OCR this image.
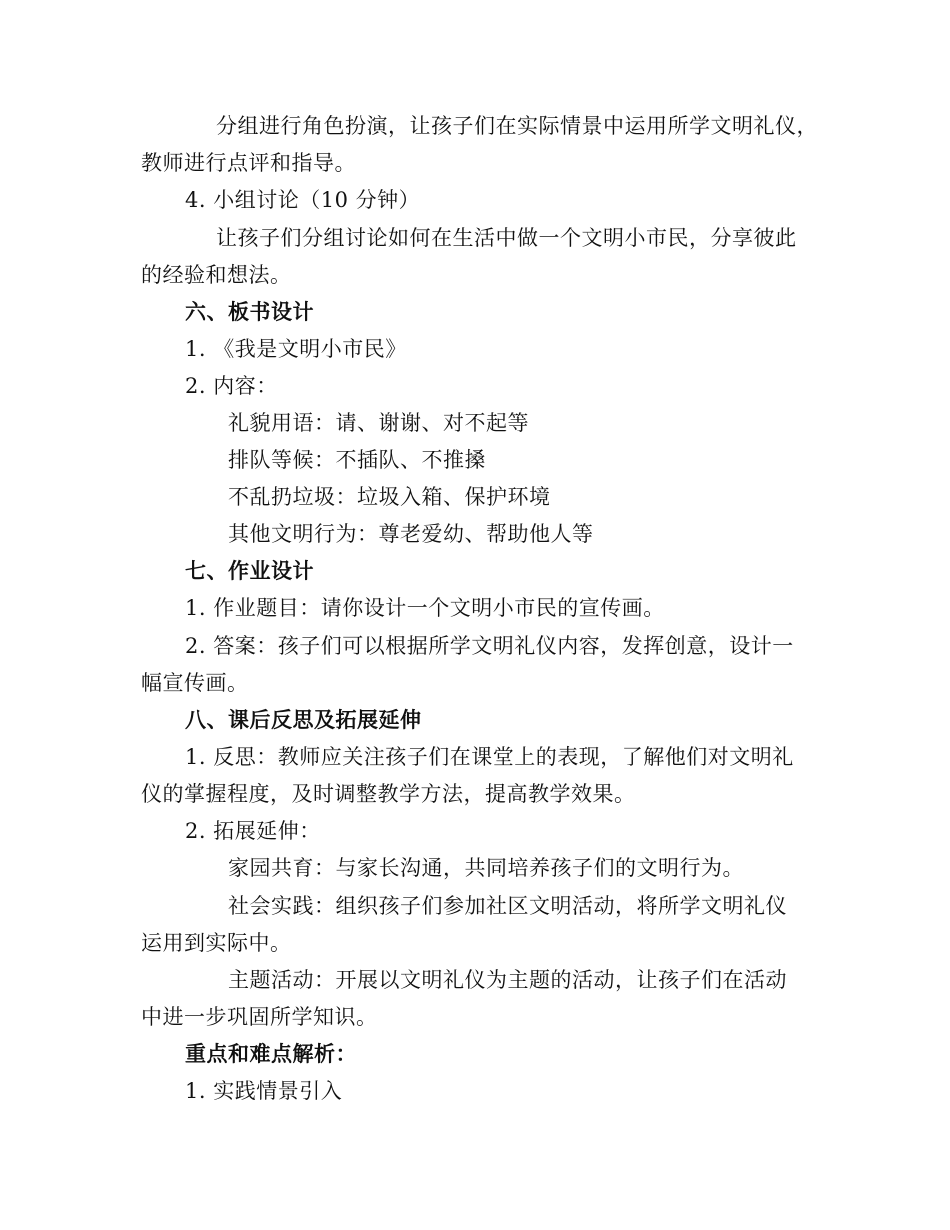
分组进行角色扮演，让孩子们在实际情景中运用所学文明礼仪，
教师进行点评和指导。
4. 小组讨论（10 分钟）
让孩子们分组讨论如何在生活中做一个文明小市民，分享彼此
的经验和想法。
六、板书设计
1. 《我是文明小市民》
2. 内容：
礼貌用语：请、谢谢、对不起等
排队等候：不插队、不推搡
不乱扔垃圾：垃圾入箱、保护环境
其他文明行为：尊老爱幼、帮助他人等
七、作业设计
1. 作业题目：请你设计一个文明小市民的宣传画。
2. 答案：孩子们可以根据所学文明礼仪内容，发挥创意，设计一
幅宣传画。
八、课后反思及拓展延伸
1. 反思：教师应关注孩子们在课堂上的表现，了解他们对文明礼
仪的掌握程度，及时调整教学方法，提高教学效果。
2. 拓展延伸：
家园共育：与家长沟通，共同培养孩子们的文明行为。
社会实践：组织孩子们参加社区文明活动，将所学文明礼仪
运用到实际中。
主题活动：开展以文明礼仪为主题的活动，让孩子们在活动
中进一步巩固所学知识。
重点和难点解析：
1. 实践情景引入
